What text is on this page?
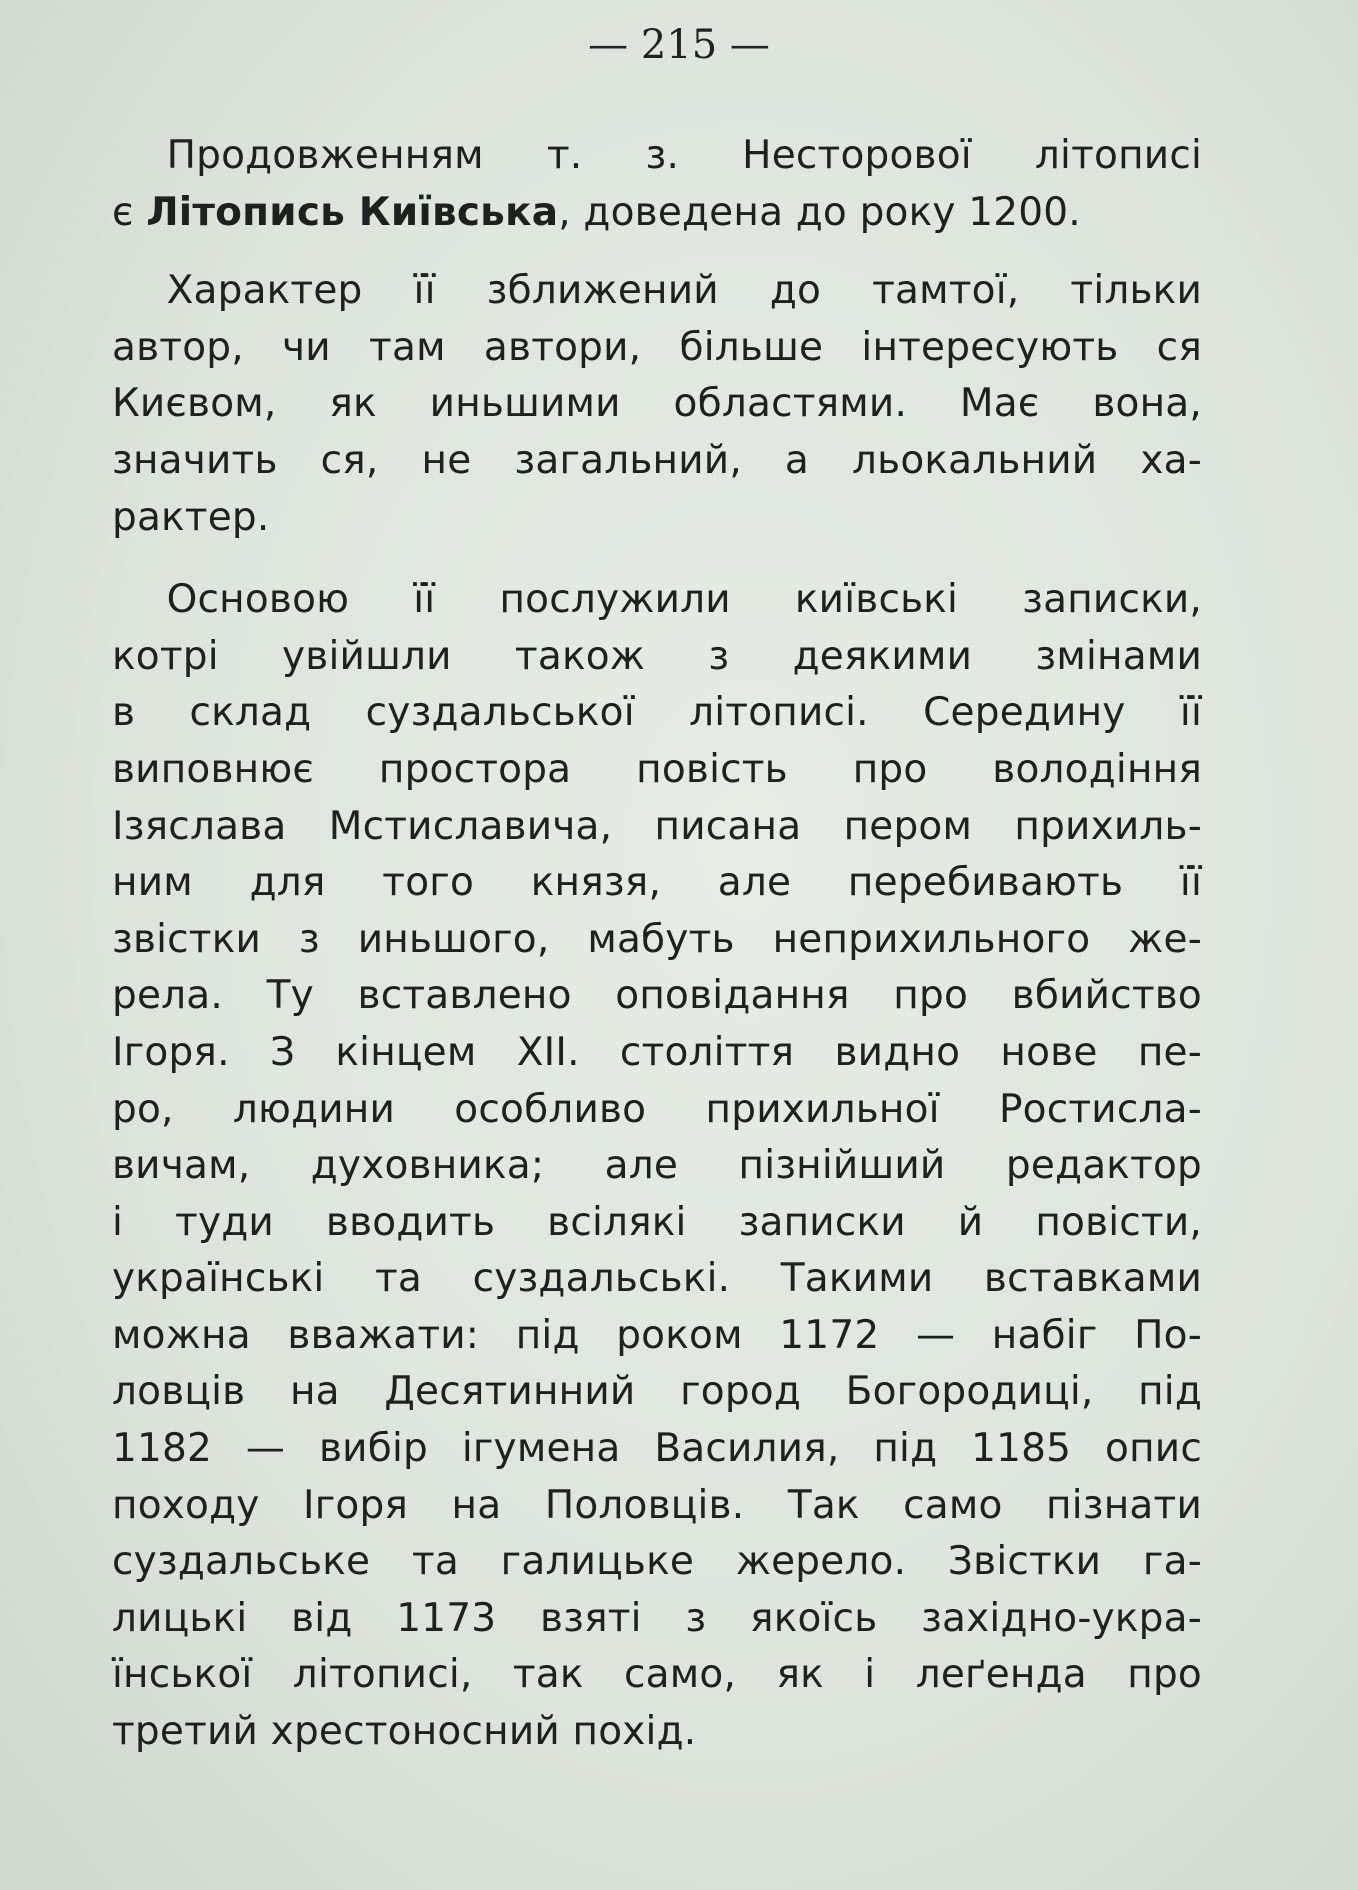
— 215 —
Продовженням т. з. Несторової літописі
є Літопись Київська, доведена до року 1200.
Характер її зближений до тамтої, тільки
автор, чи там автори, більше інтересують ся
Києвом, як иньшими областями. Має вона,
значить ся, не загальний, а льокальний ха-
рактер.
Основою її послужили київські записки,
котрі увійшли також з деякими змінами
в склад суздальської літописі. Середину її
виповнює простора повість про володіння
Ізяслава Мстиславича, писана пером прихиль-
ним для того князя, але перебивають її
звістки з иньшого, мабуть неприхильного же-
рела. Ту вставлено оповідання про вбийство
Ігоря. З кінцем XII. століття видно нове пе-
ро, людини особливо прихильної Ростисла-
вичам, духовника; але пізнійший редактор
і туди вводить всілякі записки й повісти,
українські та суздальські. Такими вставками
можна вважати: під роком 1172 — набіг По-
ловців на Десятинний город Богородиці, під
1182 — вибір ігумена Василия, під 1185 опис
походу Ігоря на Половців. Так само пізнати
суздальське та галицьке жерело. Звістки га-
лицькі від 1173 взяті з якоїсь західно-укра-
їнської літописі, так само, як і леґенда про
третий хрестоносний похід.
